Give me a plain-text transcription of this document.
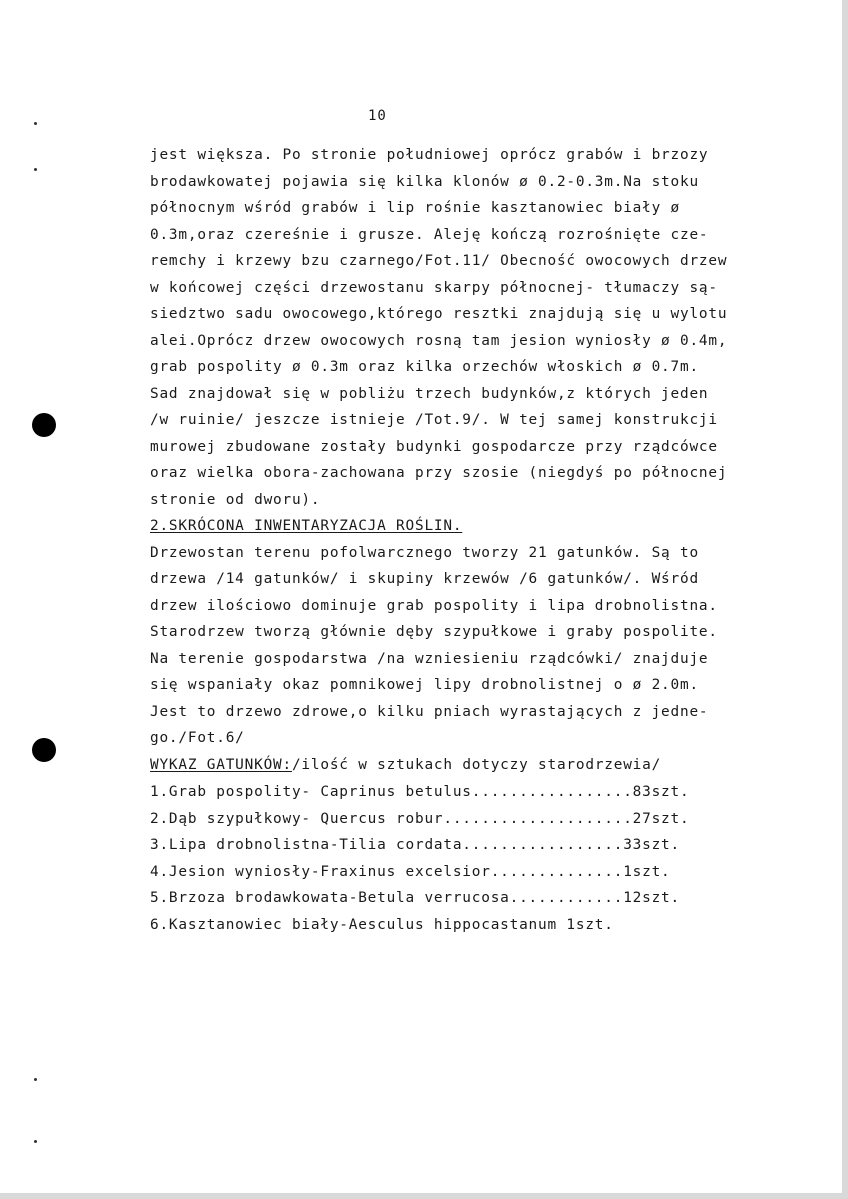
10
jest większa. Po stronie południowej oprócz grabów i brzozy
brodawkowatej pojawia się kilka klonów ø 0.2-0.3m.Na stoku
północnym wśród grabów i lip rośnie kasztanowiec biały ø
0.3m,oraz czereśnie i grusze. Aleję kończą rozrośnięte cze-
remchy i krzewy bzu czarnego/Fot.11/ Obecność owocowych drzew
w końcowej części drzewostanu skarpy północnej- tłumaczy są-
siedztwo sadu owocowego,którego resztki znajdują się u wylotu
alei.Oprócz drzew owocowych rosną tam jesion wyniosły ø 0.4m,
grab pospolity ø 0.3m oraz kilka orzechów włoskich ø 0.7m.
Sad znajdował się w pobliżu trzech budynków,z których jeden
/w ruinie/ jeszcze istnieje /Tot.9/. W tej samej konstrukcji
murowej zbudowane zostały budynki gospodarcze przy rządcówce
oraz wielka obora-zachowana przy szosie (niegdyś po północnej
stronie od dworu).
2.SKRÓCONA INWENTARYZACJA ROŚLIN.
Drzewostan terenu pofolwarcznego tworzy 21 gatunków. Są to
drzewa /14 gatunków/ i skupiny krzewów /6 gatunków/. Wśród
drzew ilościowo dominuje grab pospolity i lipa drobnolistna.
Starodrzew tworzą głównie dęby szypułkowe i graby pospolite.
Na terenie gospodarstwa /na wzniesieniu rządcówki/ znajduje
się wspaniały okaz pomnikowej lipy drobnolistnej o ø 2.0m.
Jest to drzewo zdrowe,o kilku pniach wyrastających z jedne-
go./Fot.6/
WYKAZ GATUNKÓW:/ilość w sztukach dotyczy starodrzewia/
1.Grab pospolity- Caprinus betulus.................83szt.
2.Dąb szypułkowy- Quercus robur....................27szt.
3.Lipa drobnolistna-Tilia cordata.................33szt.
4.Jesion wyniosły-Fraxinus excelsior..............1szt.
5.Brzoza brodawkowata-Betula verrucosa............12szt.
6.Kasztanowiec biały-Aesculus hippocastanum 1szt.
